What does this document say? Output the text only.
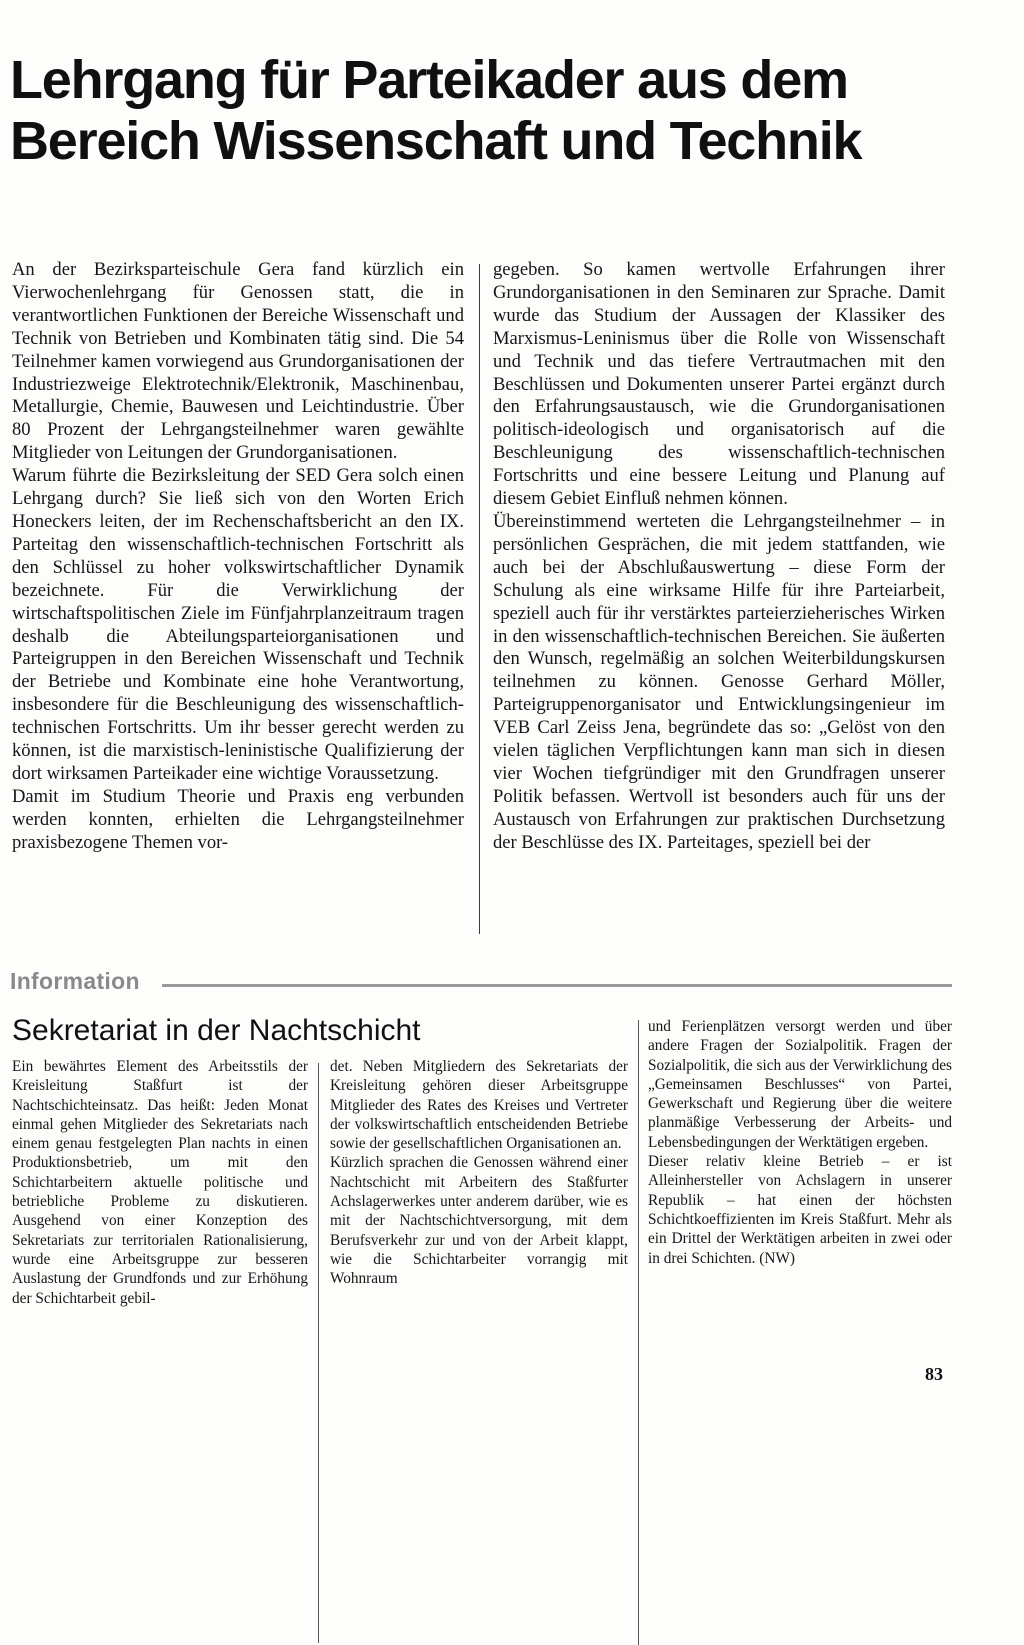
Lehrgang für Parteikader aus dem Bereich Wissenschaft und Technik

An der Bezirksparteischule Gera fand kürzlich ein Vierwochenlehrgang für Genossen statt, die in verantwortlichen Funktionen der Bereiche Wissenschaft und Technik von Betrieben und Kombinaten tätig sind. Die 54 Teilnehmer kamen vorwiegend aus Grundorganisationen der Industriezweige Elektrotechnik/Elektronik, Maschinenbau, Metallurgie, Chemie, Bauwesen und Leichtindustrie. Über 80 Prozent der Lehrgangsteilnehmer waren gewählte Mitglieder von Leitungen der Grundorganisationen.

Warum führte die Bezirksleitung der SED Gera solch einen Lehrgang durch? Sie ließ sich von den Worten Erich Honeckers leiten, der im Rechenschaftsbericht an den IX. Parteitag den wissenschaftlich-technischen Fortschritt als den Schlüssel zu hoher volkswirtschaftlicher Dynamik bezeichnete. Für die Verwirklichung der wirtschaftspolitischen Ziele im Fünfjahrplanzeitraum tragen deshalb die Abteilungsparteiorganisationen und Parteigruppen in den Bereichen Wissenschaft und Technik der Betriebe und Kombinate eine hohe Verantwortung, insbesondere für die Beschleunigung des wissenschaftlich-technischen Fortschritts. Um ihr besser gerecht werden zu können, ist die marxistisch-leninistische Qualifizierung der dort wirksamen Parteikader eine wichtige Voraussetzung.

Damit im Studium Theorie und Praxis eng verbunden werden konnten, erhielten die Lehrgangsteilnehmer praxisbezogene Themen vor-

gegeben. So kamen wertvolle Erfahrungen ihrer Grundorganisationen in den Seminaren zur Sprache. Damit wurde das Studium der Aussagen der Klassiker des Marxismus-Leninismus über die Rolle von Wissenschaft und Technik und das tiefere Vertrautmachen mit den Beschlüssen und Dokumenten unserer Partei ergänzt durch den Erfahrungsaustausch, wie die Grundorganisationen politisch-ideologisch und organisatorisch auf die Beschleunigung des wissenschaftlich-technischen Fortschritts und eine bessere Leitung und Planung auf diesem Gebiet Einfluß nehmen können.

Übereinstimmend werteten die Lehrgangsteilnehmer – in persönlichen Gesprächen, die mit jedem stattfanden, wie auch bei der Abschlußauswertung – diese Form der Schulung als eine wirksame Hilfe für ihre Parteiarbeit, speziell auch für ihr verstärktes parteierzieherisches Wirken in den wissenschaftlich-technischen Bereichen. Sie äußerten den Wunsch, regelmäßig an solchen Weiterbildungskursen teilnehmen zu können. Genosse Gerhard Möller, Parteigruppenorganisator und Entwicklungsingenieur im VEB Carl Zeiss Jena, begründete das so: „Gelöst von den vielen täglichen Verpflichtungen kann man sich in diesen vier Wochen tiefgründiger mit den Grundfragen unserer Politik befassen. Wertvoll ist besonders auch für uns der Austausch von Erfahrungen zur praktischen Durchsetzung der Beschlüsse des IX. Parteitages, speziell bei der

Information
Sekretariat in der Nachtschicht

Ein bewährtes Element des Arbeitsstils der Kreisleitung Staßfurt ist der Nachtschichteinsatz. Das heißt: Jeden Monat einmal gehen Mitglieder des Sekretariats nach einem genau festgelegten Plan nachts in einen Produktionsbetrieb, um mit den Schichtarbeitern aktuelle politische und betriebliche Probleme zu diskutieren. Ausgehend von einer Konzeption des Sekretariats zur territorialen Rationalisierung, wurde eine Arbeitsgruppe zur besseren Auslastung der Grundfonds und zur Erhöhung der Schichtarbeit gebil-

det. Neben Mitgliedern des Sekretariats der Kreisleitung gehören dieser Arbeitsgruppe Mitglieder des Rates des Kreises und Vertreter der volkswirtschaftlich entscheidenden Betriebe sowie der gesellschaftlichen Organisationen an.

Kürzlich sprachen die Genossen während einer Nachtschicht mit Arbeitern des Staßfurter Achslagerwerkes unter anderem darüber, wie es mit der Nachtschichtversorgung, mit dem Berufsverkehr zur und von der Arbeit klappt, wie die Schichtarbeiter vorrangig mit Wohnraum

und Ferienplätzen versorgt werden und über andere Fragen der Sozialpolitik. Fragen der Sozialpolitik, die sich aus der Verwirklichung des „Gemeinsamen Beschlusses“ von Partei, Gewerkschaft und Regierung über die weitere planmäßige Verbesserung der Arbeits- und Lebensbedingungen der Werktätigen ergeben.

Dieser relativ kleine Betrieb – er ist Alleinhersteller von Achslagern in unserer Republik – hat einen der höchsten Schichtkoeffizienten im Kreis Staßfurt. Mehr als ein Drittel der Werktätigen arbeiten in zwei oder in drei Schichten. (NW)

83
